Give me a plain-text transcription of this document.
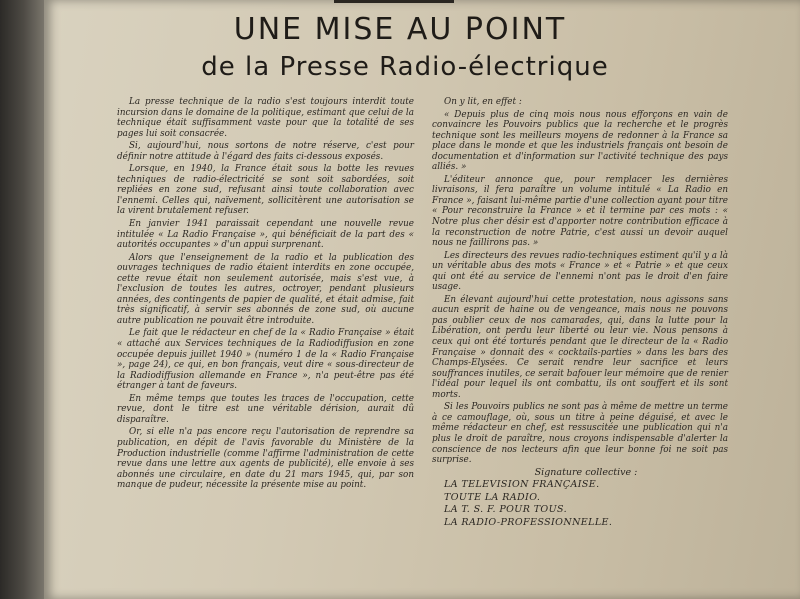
UNE MISE AU POINT
de la Presse Radio-électrique

La presse technique de la radio s'est toujours interdit toute incursion dans le domaine de la politique, estimant que celui de la technique était suffisamment vaste pour que la totalité de ses pages lui soit consacrée.

Si, aujourd'hui, nous sortons de notre réserve, c'est pour définir notre attitude à l'égard des faits ci-dessous exposés.

Lorsque, en 1940, la France était sous la botte les revues techniques de radio-électricité se sont soit sabordées, soit repliées en zone sud, refusant ainsi toute collaboration avec l'ennemi. Celles qui, naïvement, sollicitèrent une autorisation se la virent brutalement refuser.

En janvier 1941 paraissait cependant une nouvelle revue intitulée « La Radio Française », qui bénéficiait de la part des « autorités occupantes » d'un appui surprenant.

Alors que l'enseignement de la radio et la publication des ouvrages techniques de radio étaient interdits en zone occupée, cette revue était non seulement autorisée, mais s'est vue, à l'exclusion de toutes les autres, octroyer, pendant plusieurs années, des contingents de papier de qualité, et était admise, fait très significatif, à servir ses abonnés de zone sud, où aucune autre publication ne pouvait être introduite.

Le fait que le rédacteur en chef de la « Radio Française » était « attaché aux Services techniques de la Radiodiffusion en zone occupée depuis juillet 1940 » (numéro 1 de la « Radio Française », page 24), ce qui, en bon français, veut dire « sous-directeur de la Radiodiffusion allemande en France », n'a peut-être pas été étranger à tant de faveurs.

En même temps que toutes les traces de l'occupation, cette revue, dont le titre est une véritable dérision, aurait dû disparaître.

Or, si elle n'a pas encore reçu l'autorisation de reprendre sa publication, en dépit de l'avis favorable du Ministère de la Production industrielle (comme l'affirme l'administration de cette revue dans une lettre aux agents de publicité), elle envoie à ses abonnés une circulaire, en date du 21 mars 1945, qui, par son manque de pudeur, nécessite la présente mise au point.

On y lit, en effet :

« Depuis plus de cinq mois nous nous efforçons en vain de convaincre les Pouvoirs publics que la recherche et le progrès technique sont les meilleurs moyens de redonner à la France sa place dans le monde et que les industriels français ont besoin de documentation et d'information sur l'activité technique des pays alliés. »

L'éditeur annonce que, pour remplacer les dernières livraisons, il fera paraître un volume intitulé « La Radio en France », faisant lui-même partie d'une collection ayant pour titre « Pour reconstruire la France » et il termine par ces mots : « Notre plus cher désir est d'apporter notre contribution efficace à la reconstruction de notre Patrie, c'est aussi un devoir auquel nous ne faillirons pas. »

Les directeurs des revues radio-techniques estiment qu'il y a là un véritable abus des mots « France » et « Patrie » et que ceux qui ont été au service de l'ennemi n'ont pas le droit d'en faire usage.

En élevant aujourd'hui cette protestation, nous agissons sans aucun esprit de haine ou de vengeance, mais nous ne pouvons pas oublier ceux de nos camarades, qui, dans la lutte pour la Libération, ont perdu leur liberté ou leur vie. Nous pensons à ceux qui ont été torturés pendant que le directeur de la « Radio Française » donnait des « cocktails-parties » dans les bars des Champs-Elysées. Ce serait rendre leur sacrifice et leurs souffrances inutiles, ce serait bafouer leur mémoire que de renier l'idéal pour lequel ils ont combattu, ils ont souffert et ils sont morts.

Si les Pouvoirs publics ne sont pas à même de mettre un terme à ce camouflage, où, sous un titre à peine déguisé, et avec le même rédacteur en chef, est ressuscitée une publication qui n'a plus le droit de paraître, nous croyons indispensable d'alerter la conscience de nos lecteurs afin que leur bonne foi ne soit pas surprise.

Signature collective :

LA TELEVISION FRANÇAISE.

TOUTE LA RADIO.

LA T. S. F. POUR TOUS.

LA RADIO-PROFESSIONNELLE.
